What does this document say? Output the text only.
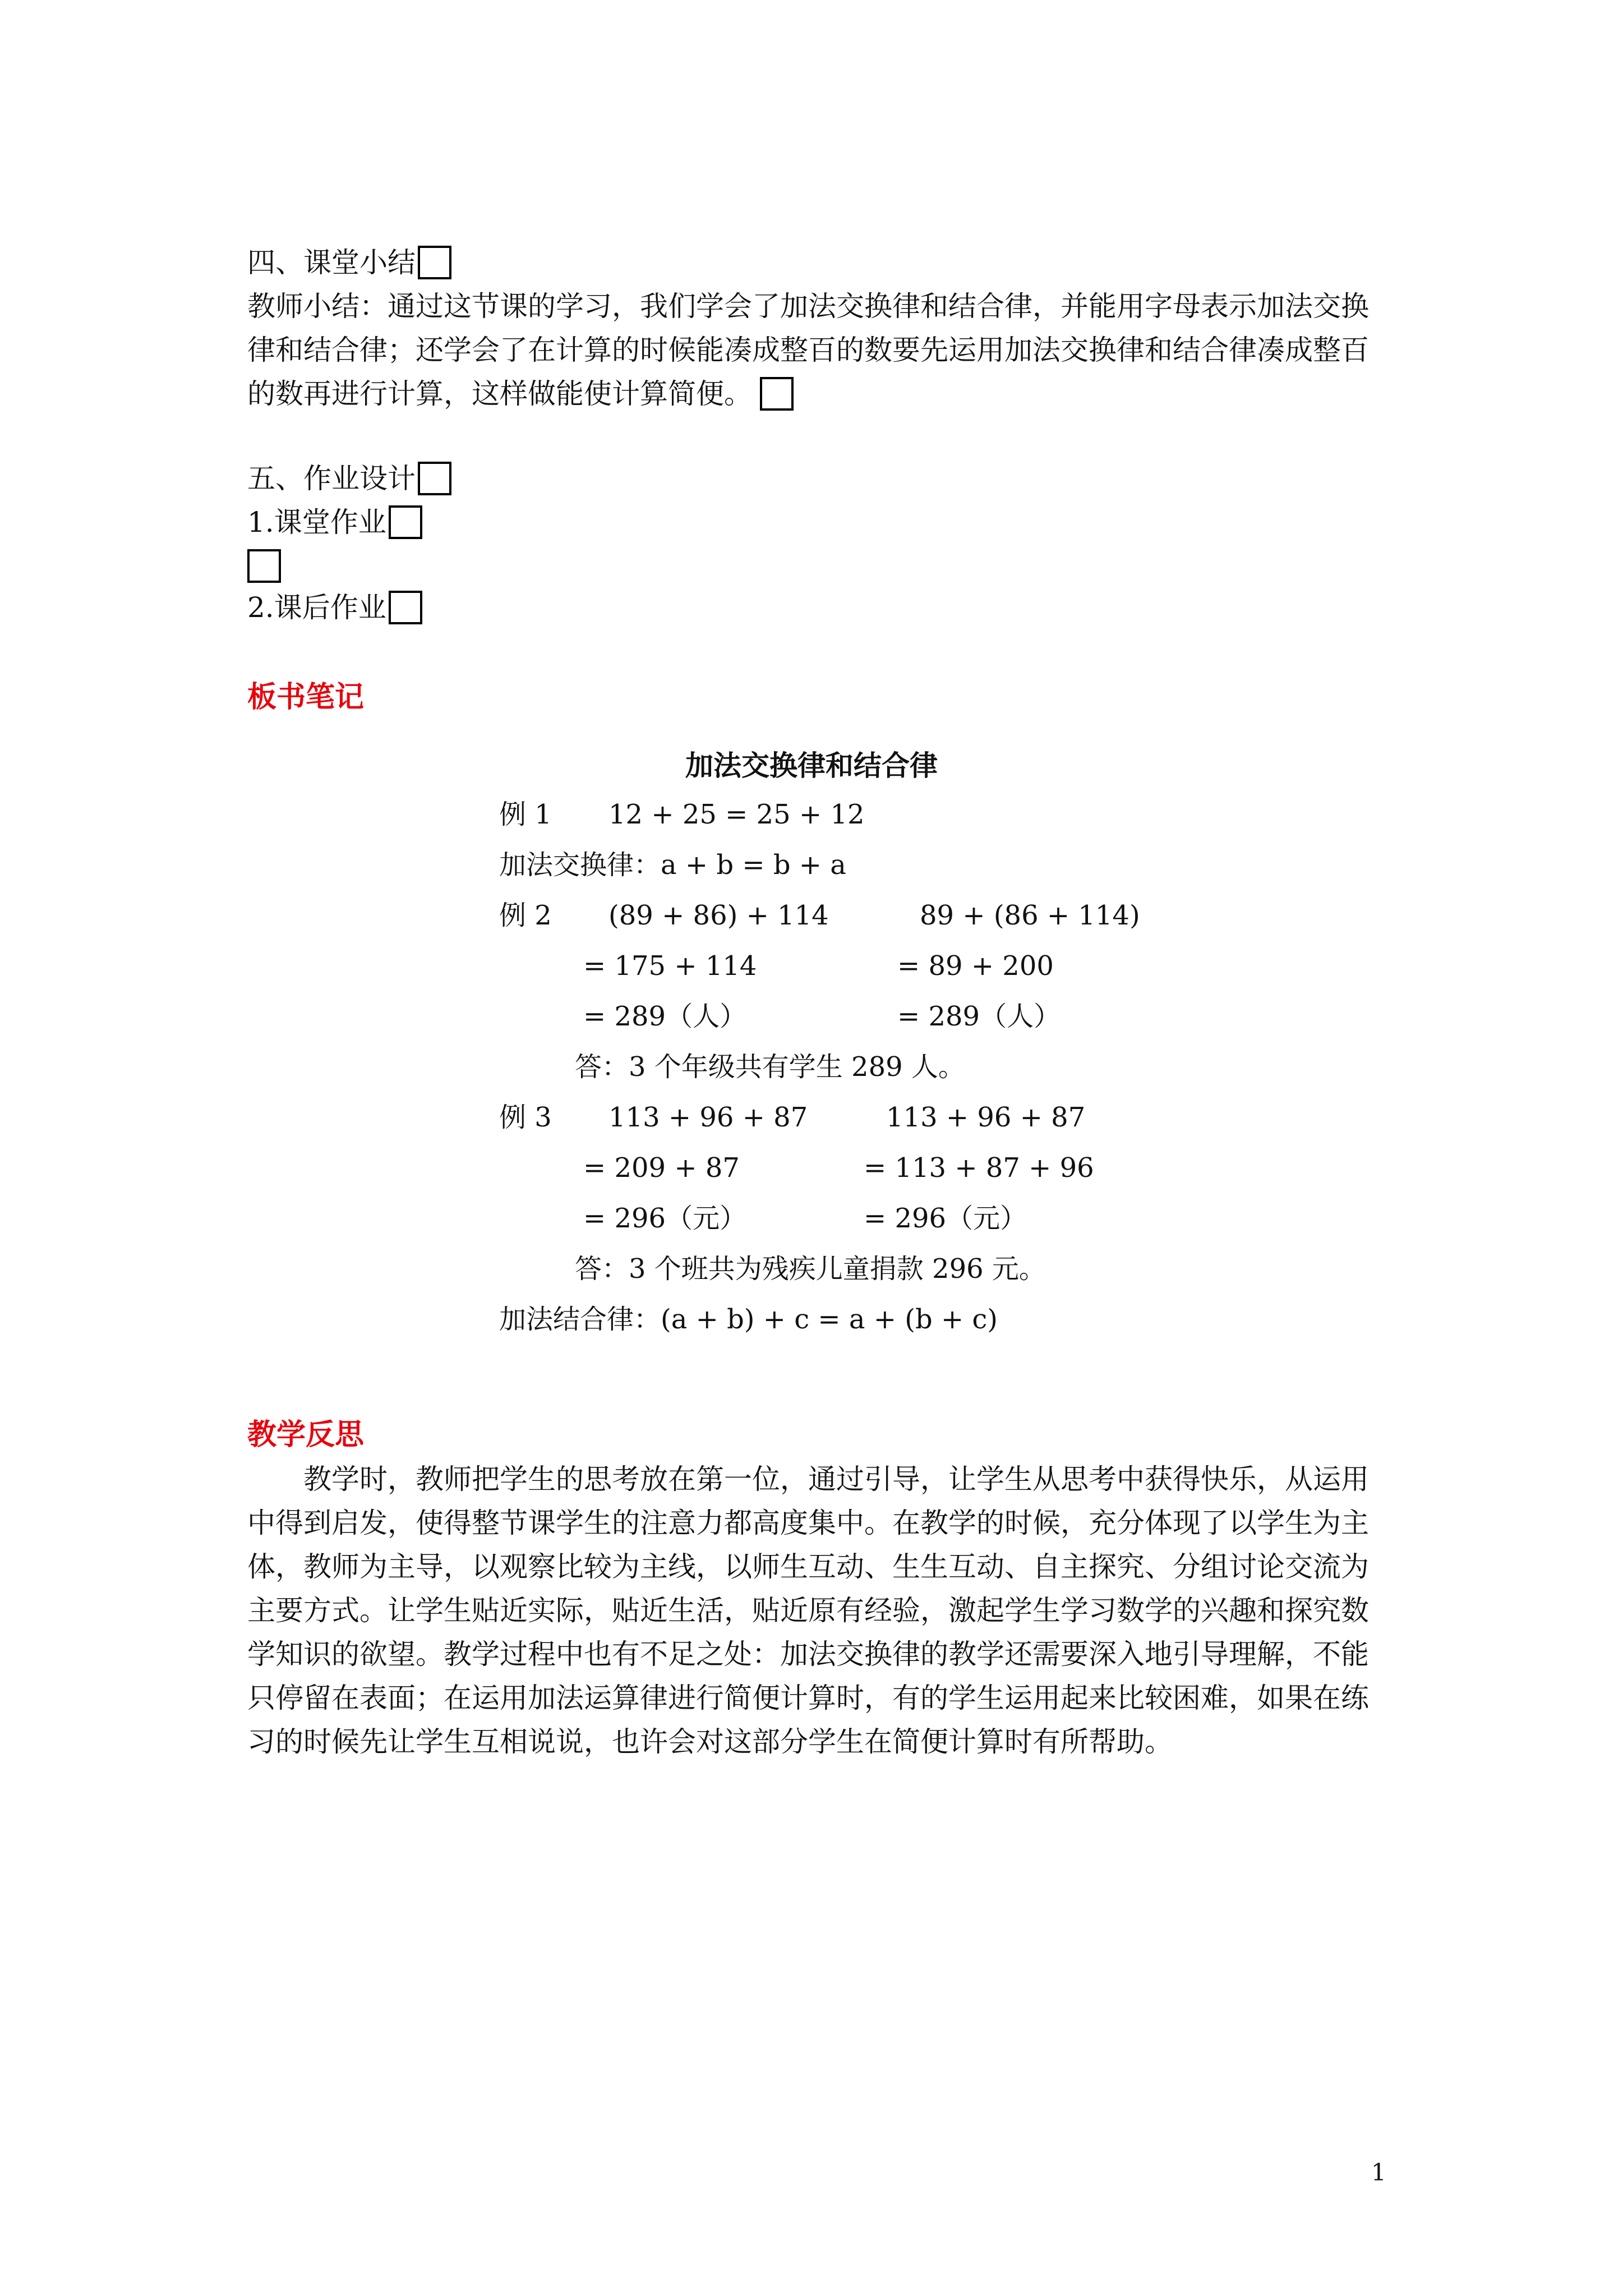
四、课堂小结
教师小结：通过这节课的学习，我们学会了加法交换律和结合律，并能用字母表示加法交换
律和结合律；还学会了在计算的时候能凑成整百的数要先运用加法交换律和结合律凑成整百
的数再进行计算，这样做能使计算简便。
五、作业设计
1.课堂作业
2.课后作业
板书笔记
加法交换律和结合律
例 1 12 + 25 = 25 + 12
加法交换律：a + b = b + a
例 2 (89 + 86) + 114	89 + (86 + 114)
= 175 + 114	= 89 + 200
= 289（人）	= 289（人）
答：3 个年级共有学生 289 人。
例 3 113 + 96 + 87	113 + 96 + 87
= 209 + 87	= 113 + 87 + 96
= 296（元）	= 296（元）
答：3 个班共为残疾儿童捐款 296 元。
加法结合律：(a + b) + c = a + (b + c)
教学反思
教学时，教师把学生的思考放在第一位，通过引导，让学生从思考中获得快乐，从运用
中得到启发，使得整节课学生的注意力都高度集中。在教学的时候，充分体现了以学生为主
体，教师为主导，以观察比较为主线，以师生互动、生生互动、自主探究、分组讨论交流为
主要方式。让学生贴近实际，贴近生活，贴近原有经验，激起学生学习数学的兴趣和探究数
学知识的欲望。教学过程中也有不足之处：加法交换律的教学还需要深入地引导理解，不能
只停留在表面；在运用加法运算律进行简便计算时，有的学生运用起来比较困难，如果在练
习的时候先让学生互相说说，也许会对这部分学生在简便计算时有所帮助。
1
